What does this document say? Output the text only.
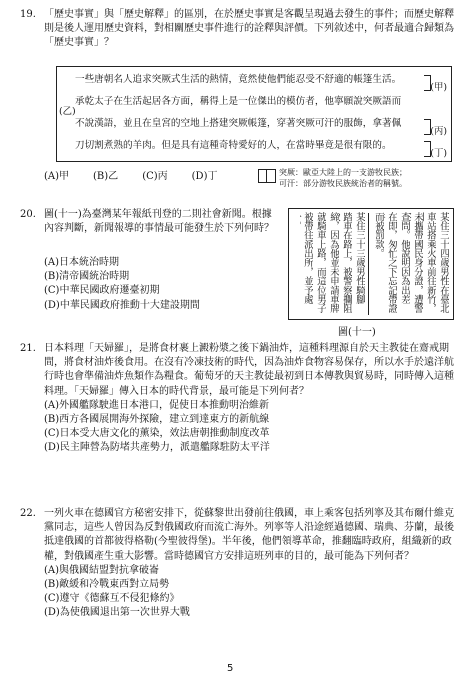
19. 「歷史事實」與「歷史解釋」的區別，在於歷史事實是客觀呈現過去發生的事件；而歷史解釋則是後人運用歷史資料，對相關歷史事件進行的詮釋與評價。下列敘述中，何者最適合歸類為「歷史事實」？
一些唐朝名人追求突厥式生活的熱情，竟然使他們能忍受不舒適的帳篷生活。
承乾太子在生活起居各方面，稱得上是一位傑出的模仿者，他寧願說突厥語而
不說漢語，並且在皇宮的空地上搭建突厥帳篷，穿著突厥可汗的服飾，拿著佩
刀切割煮熟的羊肉。但是具有這種奇特愛好的人，在當時畢竟是很有限的。
(甲)
(乙)
(丙)
(丁)
(A)甲 (B)乙 (C)丙 (D)丁	突厥：歐亞大陸上的一支游牧民族；
可汗：部分游牧民族統治者的稱號。
20. 圖(十一)為臺灣某年報紙刊登的二則社會新聞。根據內容判斷，新聞報導的事情最可能發生於下列何時？
(A)日本統治時期
(B)清帝國統治時期
(C)中華民國政府遷臺初期
(D)中華民國政府推動十大建設期間	某住三十四歲男性在臺北
車站搭乘火車前往新竹，
未攜帶國民身分證，遭警
查問。他說明因為出差
在即，匆忙之下忘記帶證
而被罰款。
某住三十三歲男性騎腳
踏車在路上，被警察攔阻
締，因為他並未申請車牌
就騎車上路，而這位男子
被帶往派出所，並予處
圖(十一)
21. 日本料理「天婦羅」，是將食材裹上澱粉漿之後下鍋油炸，這種料理源自於天主教徒在齋戒期間，將食材油炸後食用。在沒有冷凍技術的時代，因為油炸食物容易保存，所以水手於遠洋航行時也會準備油炸魚類作為糧食。葡萄牙的天主教徒最初到日本傳教與貿易時，同時傳入這種料理。「天婦羅」傳入日本的時代背景，最可能是下列何者？
(A)外國艦隊駛進日本港口，促使日本推動明治維新
(B)西方各國展開海外探險，建立到達東方的新航線
(C)日本受大唐文化的薰染，效法唐朝推動制度改革
(D)民主陣營為防堵共產勢力，派遣艦隊駐防太平洋
22. 一列火車在德國官方秘密安排下，從蘇黎世出發前往俄國，車上乘客包括列寧及其布爾什維克黨同志，這些人曾因為反對俄國政府而流亡海外。列寧等人沿途經過德國、瑞典、芬蘭，最後抵達俄國的首都彼得格勒(今聖彼得堡)。半年後，他們領導革命，推翻臨時政府，組織新的政權，對俄國產生重大影響。當時德國官方安排這班列車的目的，最可能為下列何者？
(A)與俄國結盟對抗拿破崙
(B)敵緩和冷戰東西對立局勢
(C)遵守《德蘇互不侵犯條約》
(D)為使俄國退出第一次世界大戰
5
